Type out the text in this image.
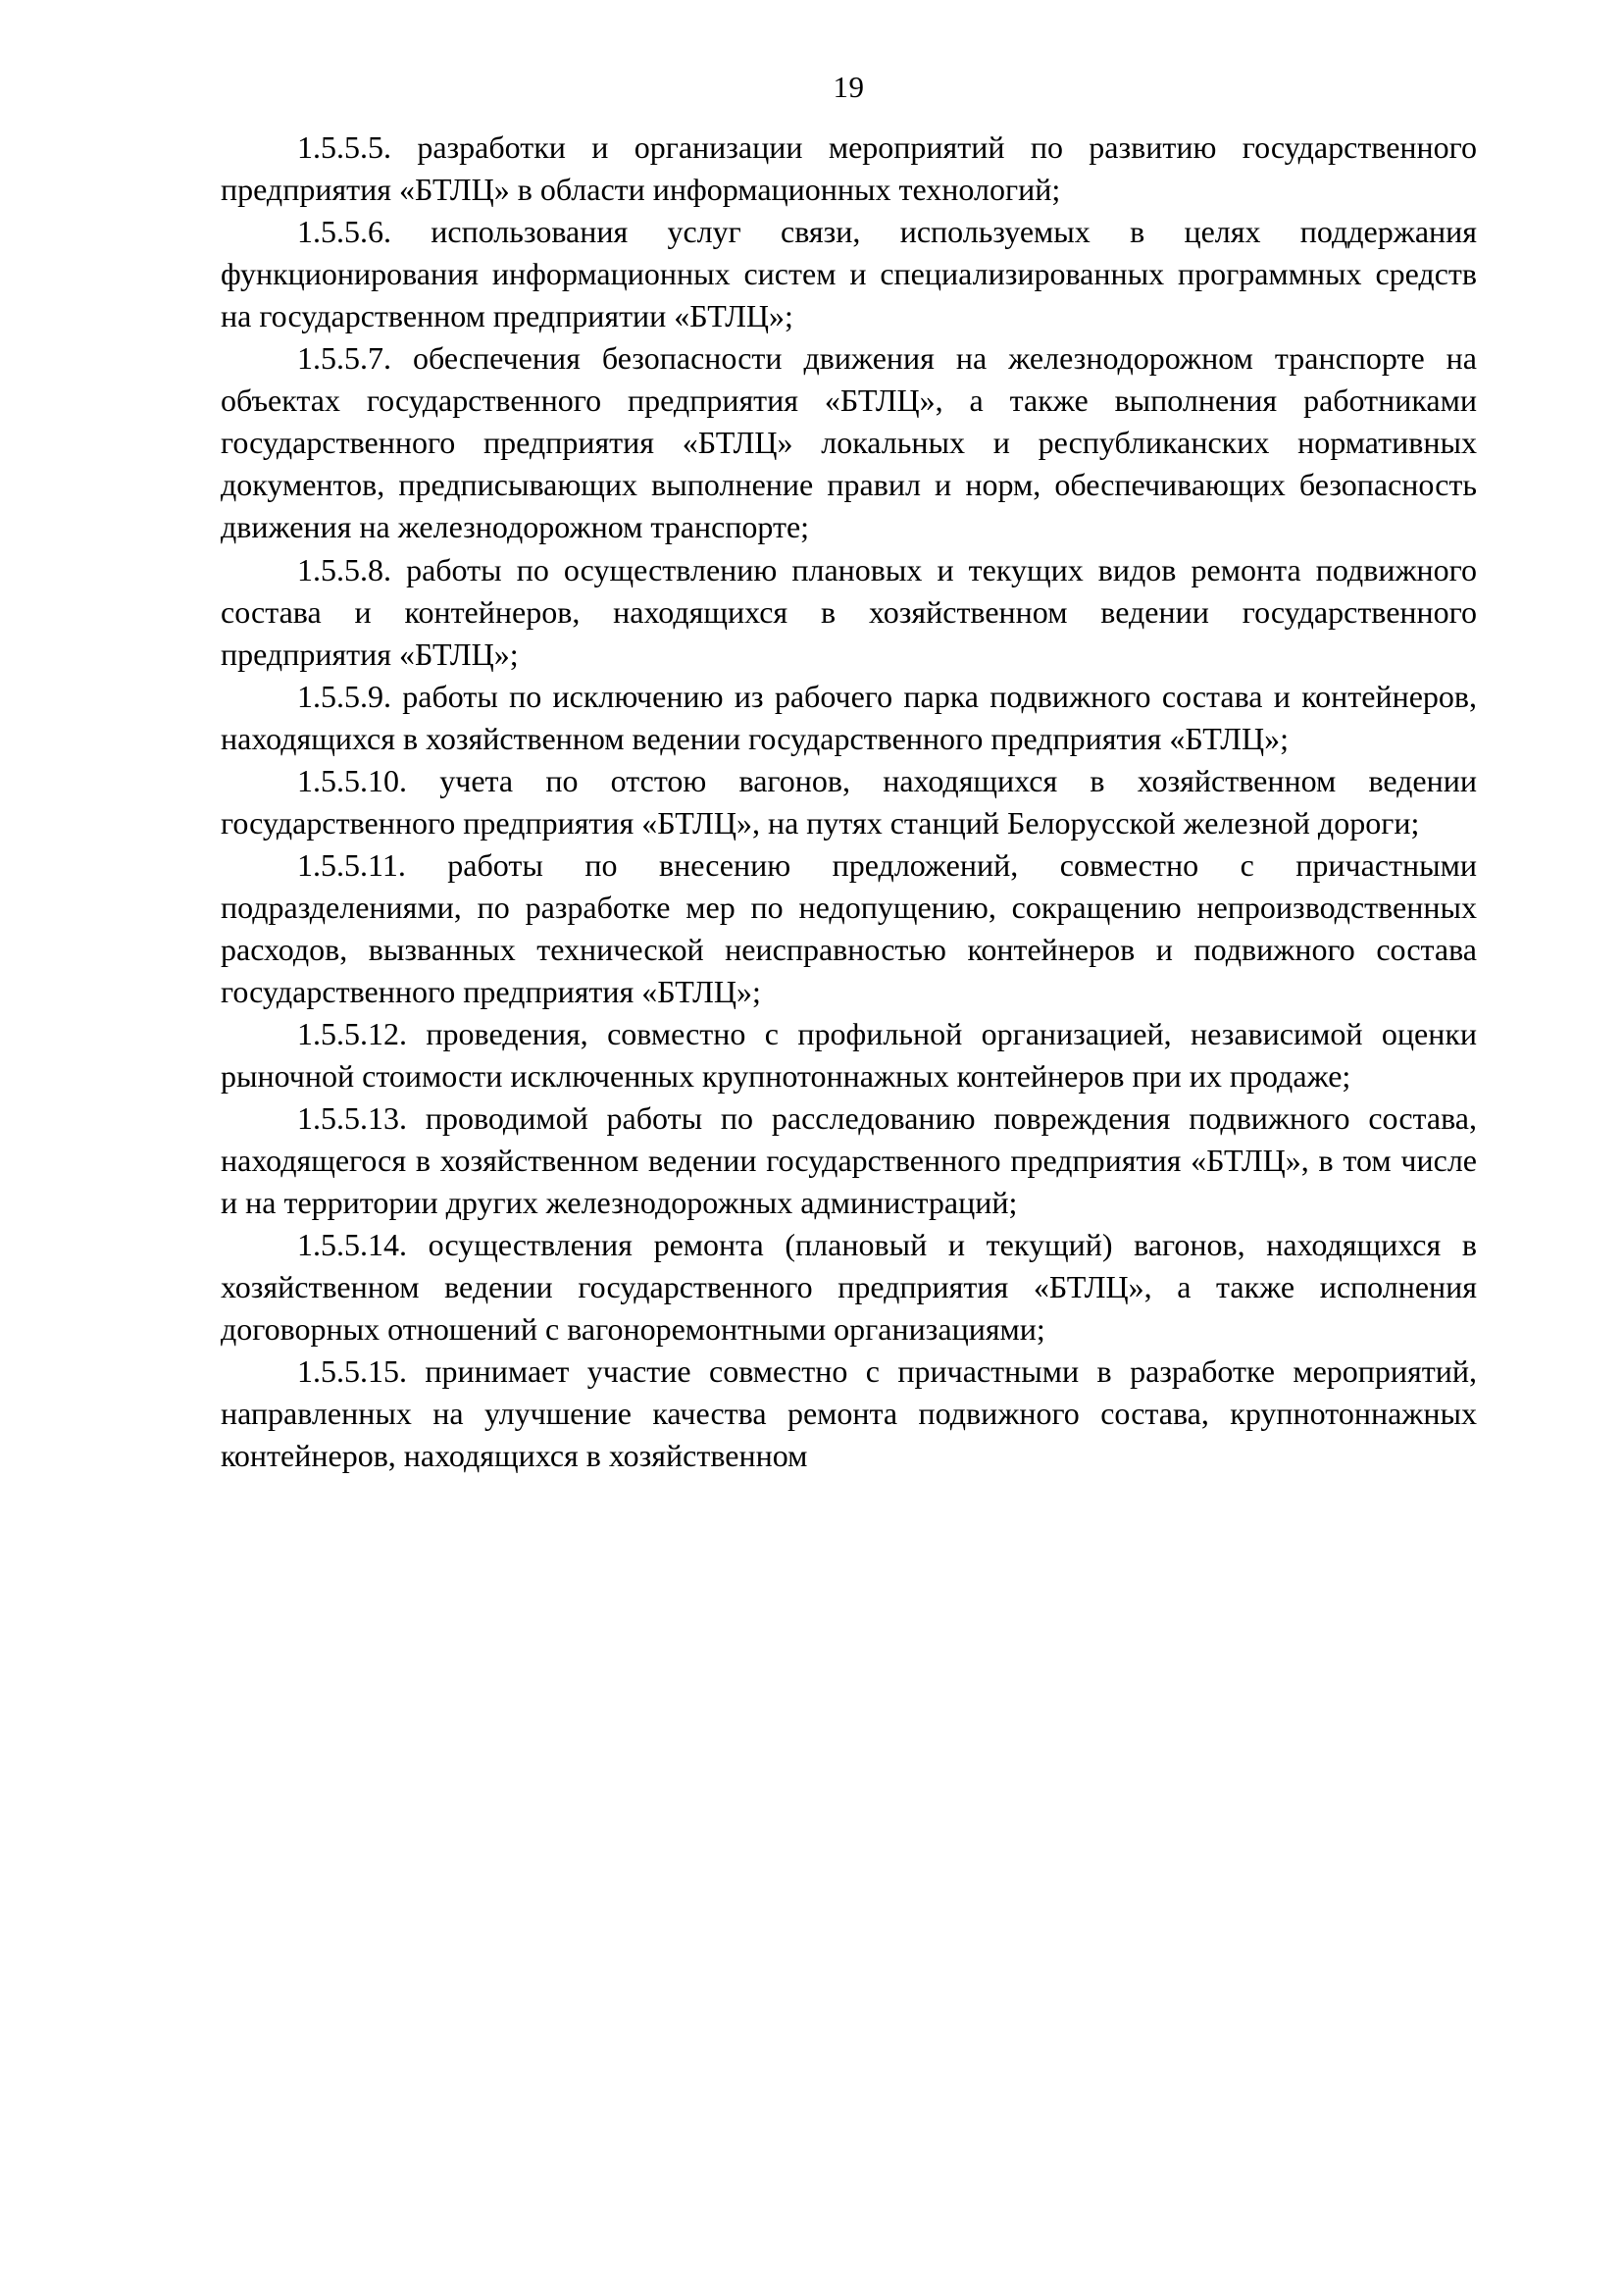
19

1.5.5.5. разработки и организации мероприятий по развитию государственного предприятия «БТЛЦ» в области информационных технологий;

1.5.5.6. использования услуг связи, используемых в целях поддержания функционирования информационных систем и специализированных программных средств на государственном предприятии «БТЛЦ»;

1.5.5.7. обеспечения безопасности движения на железнодорожном транспорте на объектах государственного предприятия «БТЛЦ», а также выполнения работниками государственного предприятия «БТЛЦ» локальных и республиканских нормативных документов, предписывающих выполнение правил и норм, обеспечивающих безопасность движения на железнодорожном транспорте;

1.5.5.8. работы по осуществлению плановых и текущих видов ремонта подвижного состава и контейнеров, находящихся в хозяйственном ведении государственного предприятия «БТЛЦ»;

1.5.5.9. работы по исключению из рабочего парка подвижного состава и контейнеров, находящихся в хозяйственном ведении государственного предприятия «БТЛЦ»;

1.5.5.10. учета по отстою вагонов, находящихся в хозяйственном ведении государственного предприятия «БТЛЦ», на путях станций Белорусской железной дороги;

1.5.5.11. работы по внесению предложений, совместно с причастными подразделениями, по разработке мер по недопущению, сокращению непроизводственных расходов, вызванных технической неисправностью контейнеров и подвижного состава государственного предприятия «БТЛЦ»;

1.5.5.12. проведения, совместно с профильной организацией, независимой оценки рыночной стоимости исключенных крупнотоннажных контейнеров при их продаже;

1.5.5.13. проводимой работы по расследованию повреждения подвижного состава, находящегося в хозяйственном ведении государственного предприятия «БТЛЦ», в том числе и на территории других железнодорожных администраций;

1.5.5.14. осуществления ремонта (плановый и текущий) вагонов, находящихся в хозяйственном ведении государственного предприятия «БТЛЦ», а также исполнения договорных отношений с вагоноремонтными организациями;

1.5.5.15. принимает участие совместно с причастными в разработке мероприятий, направленных на улучшение качества ремонта подвижного состава, крупнотоннажных контейнеров, находящихся в хозяйственном
